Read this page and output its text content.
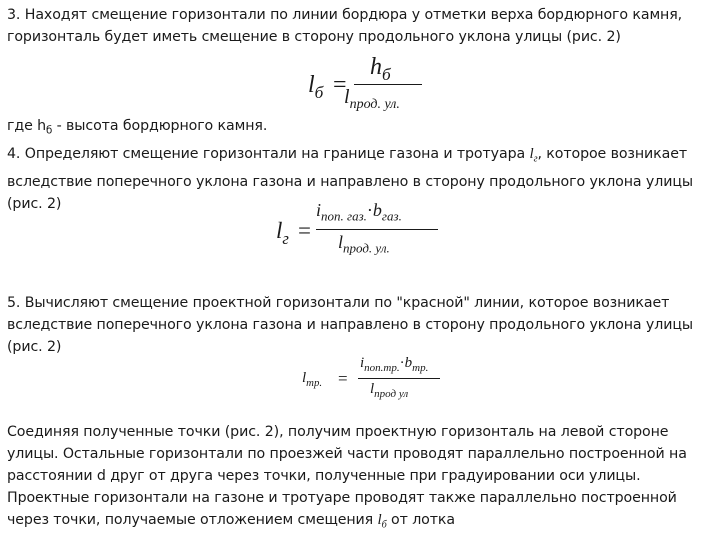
3. Находят смещение горизонтали по линии бордюра у отметки верха бордюрного камня,
горизонталь будет иметь смещение в сторону продольного уклона улицы (рис. 2)
$l_б$ =
$h_б$
$l_{прод. ул.}$
где $h_б$ - высота бордюрного камня.
4. Определяют смещение горизонтали на границе газона и тротуара $l_г$, которое возникает
вследствие поперечного уклона газона и направлено в сторону продольного уклона улицы
(рис. 2)
$l_г$ =
$i_{поп. газ.}\cdot b_{газ.}$
$l_{прод. ул.}$
5. Вычисляют смещение проектной горизонтали по "красной" линии, которое возникает
вследствие поперечного уклона газона и направлено в сторону продольного уклона улицы
(рис. 2)
$l_{тр.}$ =
$i_{поп.тр.}\cdot b_{тр.}$
$l_{прод ул}$
Соединяя полученные точки (рис. 2), получим проектную горизонталь на левой стороне
улицы. Остальные горизонтали по проезжей части проводят параллельно построенной на
расстоянии d друг от друга через точки, полученные при градуировании оси улицы.
Проектные горизонтали на газоне и тротуаре проводят также параллельно построенной
через точки, получаемые отложением смещения $l_б$ от лотка
